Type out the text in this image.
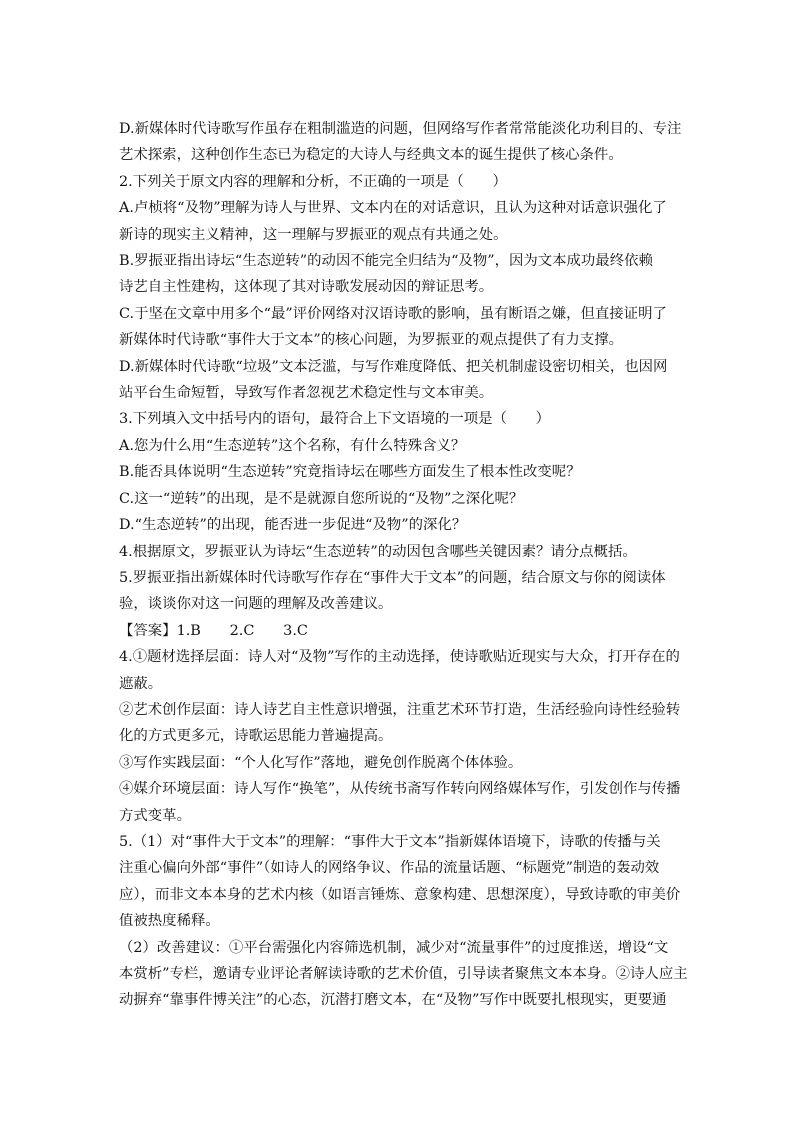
D.新媒体时代诗歌写作虽存在粗制滥造的问题，但网络写作者常常能淡化功利目的、专注
艺术探索，这种创作生态已为稳定的大诗人与经典文本的诞生提供了核心条件。
2.下列关于原文内容的理解和分析，不正确的一项是（　　）
A.卢桢将“及物”理解为诗人与世界、文本内在的对话意识，且认为这种对话意识强化了
新诗的现实主义精神，这一理解与罗振亚的观点有共通之处。
B.罗振亚指出诗坛“生态逆转”的动因不能完全归结为“及物”，因为文本成功最终依赖
诗艺自主性建构，这体现了其对诗歌发展动因的辩证思考。
C.于坚在文章中用多个“最”评价网络对汉语诗歌的影响，虽有断语之嫌，但直接证明了
新媒体时代诗歌“事件大于文本”的核心问题，为罗振亚的观点提供了有力支撑。
D.新媒体时代诗歌“垃圾”文本泛滥，与写作难度降低、把关机制虚设密切相关，也因网
站平台生命短暂，导致写作者忽视艺术稳定性与文本审美。
3.下列填入文中括号内的语句，最符合上下文语境的一项是（　　）
A.您为什么用“生态逆转”这个名称，有什么特殊含义？
B.能否具体说明“生态逆转”究竟指诗坛在哪些方面发生了根本性改变呢？
C.这一“逆转”的出现，是不是就源自您所说的“及物”之深化呢？
D.“生态逆转”的出现，能否进一步促进“及物”的深化？
4.根据原文，罗振亚认为诗坛“生态逆转”的动因包含哪些关键因素？请分点概括。
5.罗振亚指出新媒体时代诗歌写作存在“事件大于文本”的问题，结合原文与你的阅读体
验，谈谈你对这一问题的理解及改善建议。
【答案】1.B　　2.C　　3.C
4.①题材选择层面：诗人对“及物”写作的主动选择，使诗歌贴近现实与大众，打开存在的
遮蔽。
②艺术创作层面：诗人诗艺自主性意识增强，注重艺术环节打造，生活经验向诗性经验转
化的方式更多元，诗歌运思能力普遍提高。
③写作实践层面：“个人化写作”落地，避免创作脱离个体体验。
④媒介环境层面：诗人写作“换笔”，从传统书斋写作转向网络媒体写作，引发创作与传播
方式变革。
5.（1）对“事件大于文本”的理解：“事件大于文本”指新媒体语境下，诗歌的传播与关
注重心偏向外部“事件”（如诗人的网络争议、作品的流量话题、“标题党”制造的轰动效
应），而非文本本身的艺术内核（如语言锤炼、意象构建、思想深度），导致诗歌的审美价
值被热度稀释。
（2）改善建议：①平台需强化内容筛选机制，减少对“流量事件”的过度推送，增设“文
本赏析”专栏，邀请专业评论者解读诗歌的艺术价值，引导读者聚焦文本本身。②诗人应主
动摒弃“靠事件博关注”的心态，沉潜打磨文本，在“及物”写作中既要扎根现实，更要通
